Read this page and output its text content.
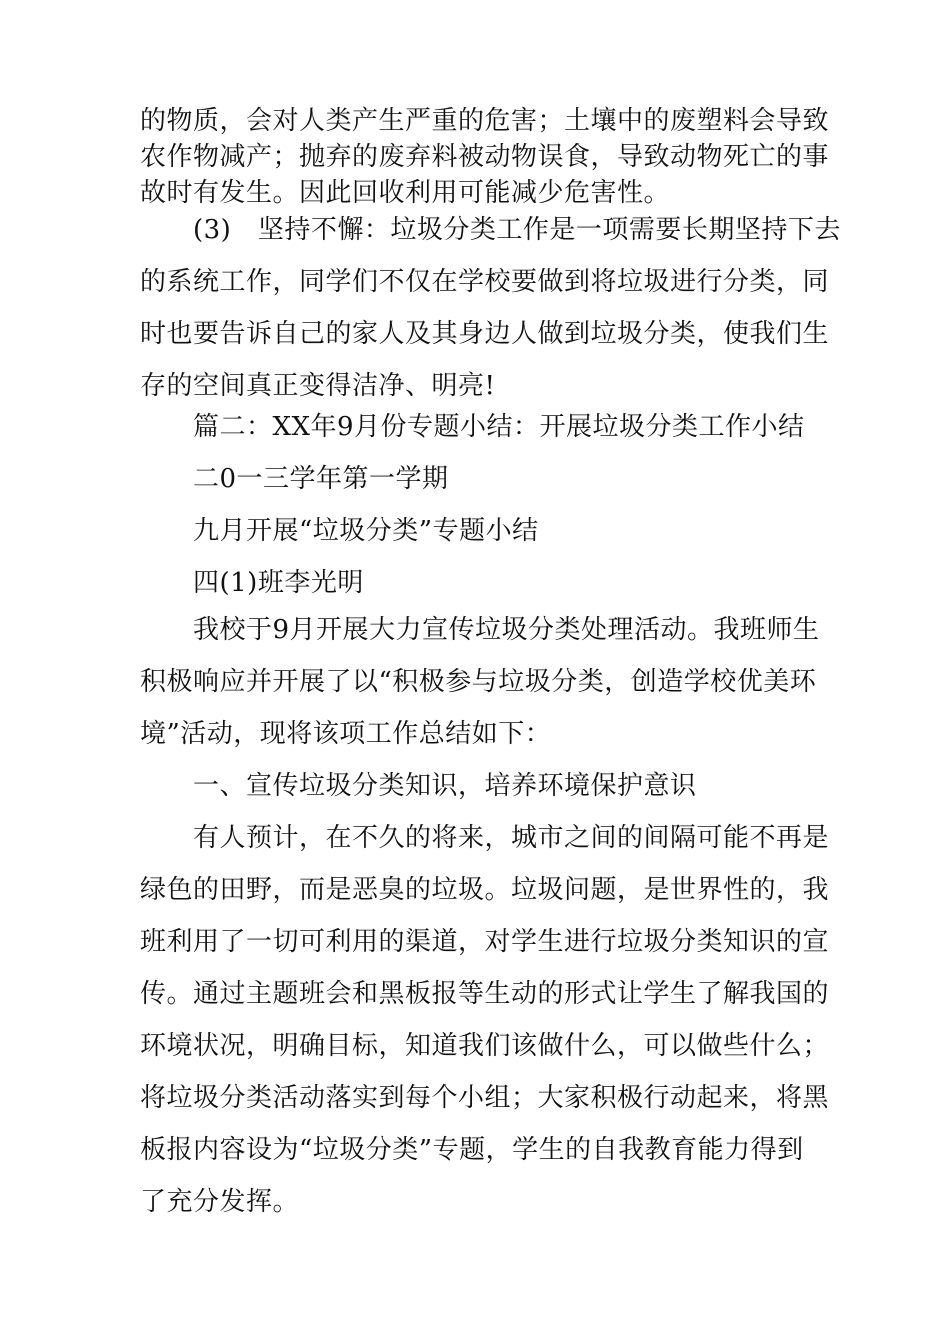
的物质，会对人类产生严重的危害；土壤中的废塑料会导致
农作物减产；抛弃的废弃料被动物误食，导致动物死亡的事
故时有发生。因此回收利用可能减少危害性。

　　(3)　坚持不懈：垃圾分类工作是一项需要长期坚持下去
的系统工作，同学们不仅在学校要做到将垃圾进行分类，同
时也要告诉自己的家人及其身边人做到垃圾分类，使我们生
存的空间真正变得洁净、明亮!

　　篇二：XX年9月份专题小结：开展垃圾分类工作小结

　　二0一三学年第一学期

　　九月开展“垃圾分类”专题小结

　　四(1)班李光明

　　我校于9月开展大力宣传垃圾分类处理活动。我班师生
积极响应并开展了以“积极参与垃圾分类，创造学校优美环
境”活动，现将该项工作总结如下：

　　一、宣传垃圾分类知识，培养环境保护意识

　　有人预计，在不久的将来，城市之间的间隔可能不再是
绿色的田野，而是恶臭的垃圾。垃圾问题，是世界性的，我
班利用了一切可利用的渠道，对学生进行垃圾分类知识的宣
传。通过主题班会和黑板报等生动的形式让学生了解我国的
环境状况，明确目标，知道我们该做什么，可以做些什么；
将垃圾分类活动落实到每个小组；大家积极行动起来，将黑
板报内容设为“垃圾分类”专题，学生的自我教育能力得到
了充分发挥。
